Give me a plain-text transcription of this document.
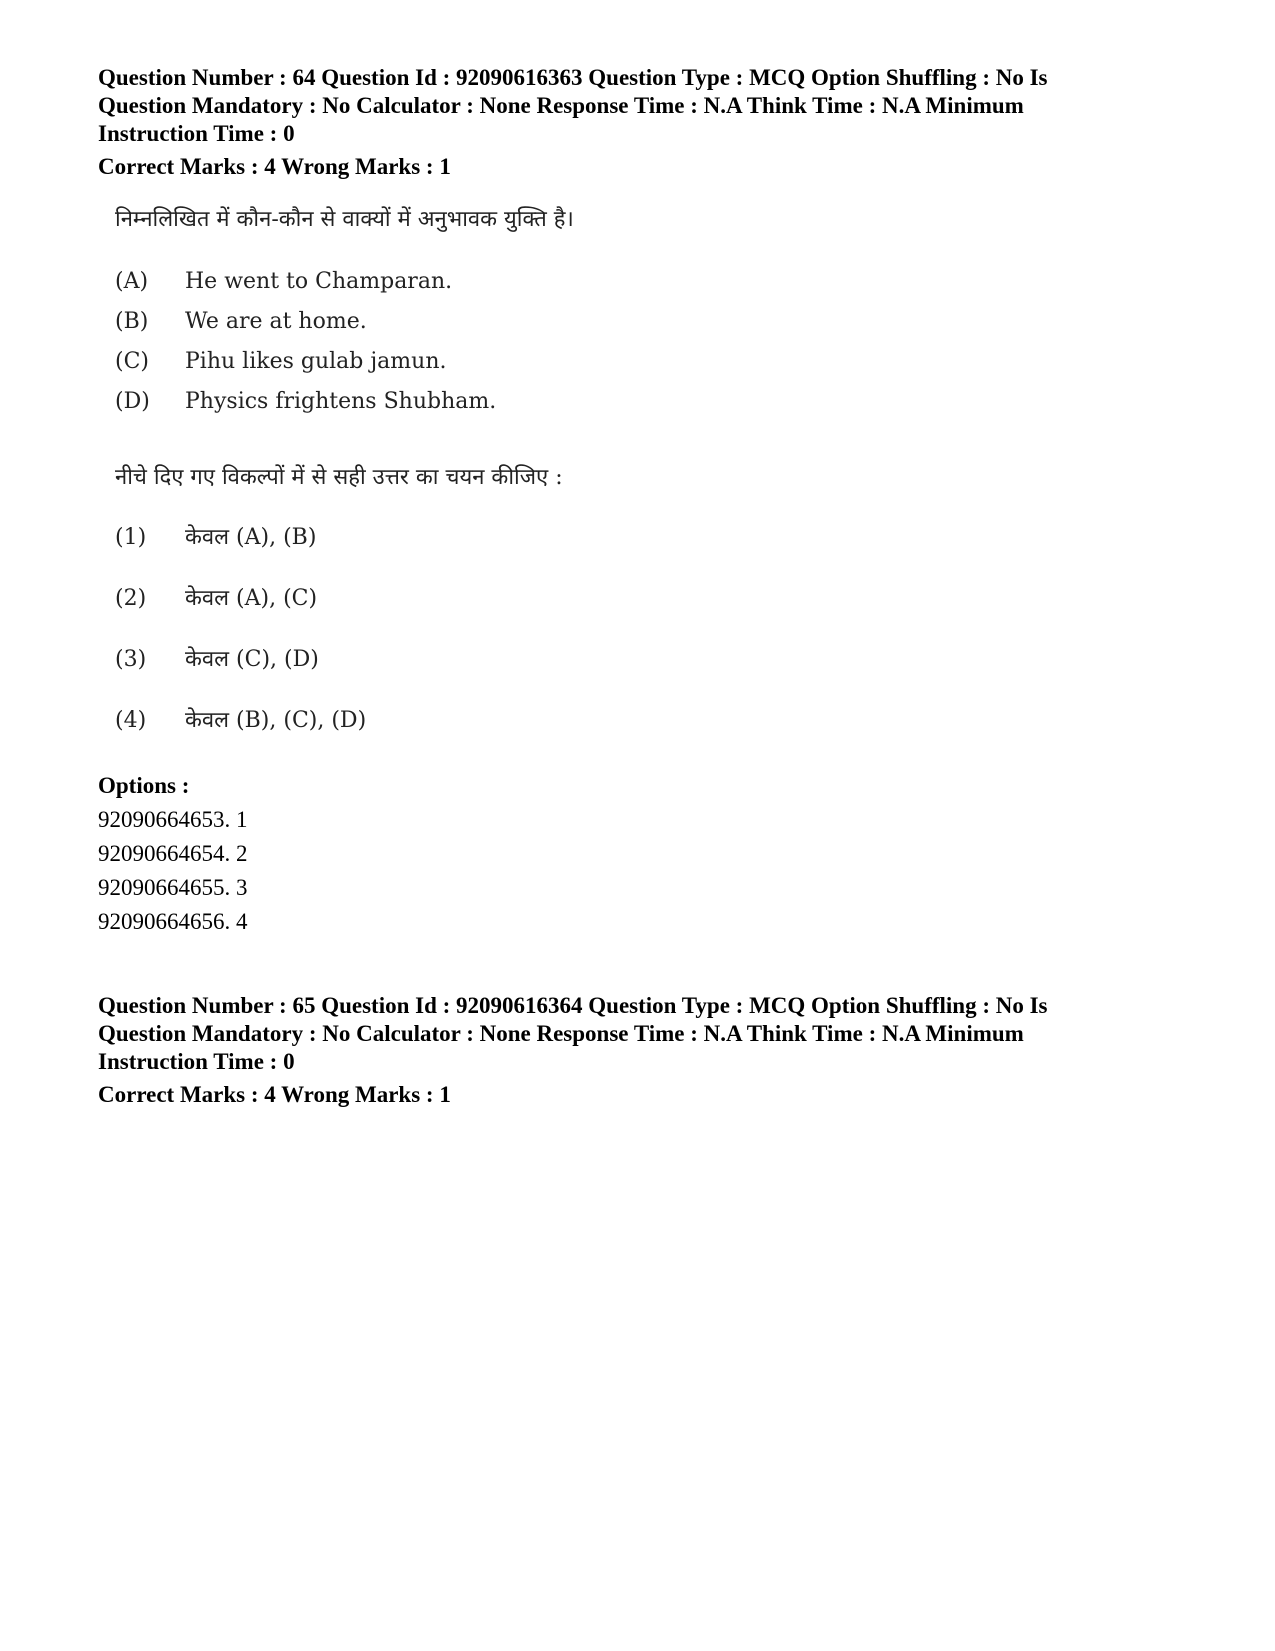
Question Number : 64 Question Id : 92090616363 Question Type : MCQ Option Shuffling : No Is
Question Mandatory : No Calculator : None Response Time : N.A Think Time : N.A Minimum
Instruction Time : 0
Correct Marks : 4 Wrong Marks : 1

निम्नलिखित में कौन-कौन से वाक्यों में अनुभावक युक्ति है।

(A) He went to Champaran.
(B) We are at home.
(C) Pihu likes gulab jamun.
(D) Physics frightens Shubham.
नीचे दिए गए विकल्पों में से सही उत्तर का चयन कीजिए :
(1) केवल (A), (B)
(2) केवल (A), (C)
(3) केवल (C), (D)
(4) केवल (B), (C), (D)
Options :
92090664653. 1
92090664654. 2
92090664655. 3
92090664656. 4
Question Number : 65 Question Id : 92090616364 Question Type : MCQ Option Shuffling : No Is
Question Mandatory : No Calculator : None Response Time : N.A Think Time : N.A Minimum
Instruction Time : 0
Correct Marks : 4 Wrong Marks : 1
